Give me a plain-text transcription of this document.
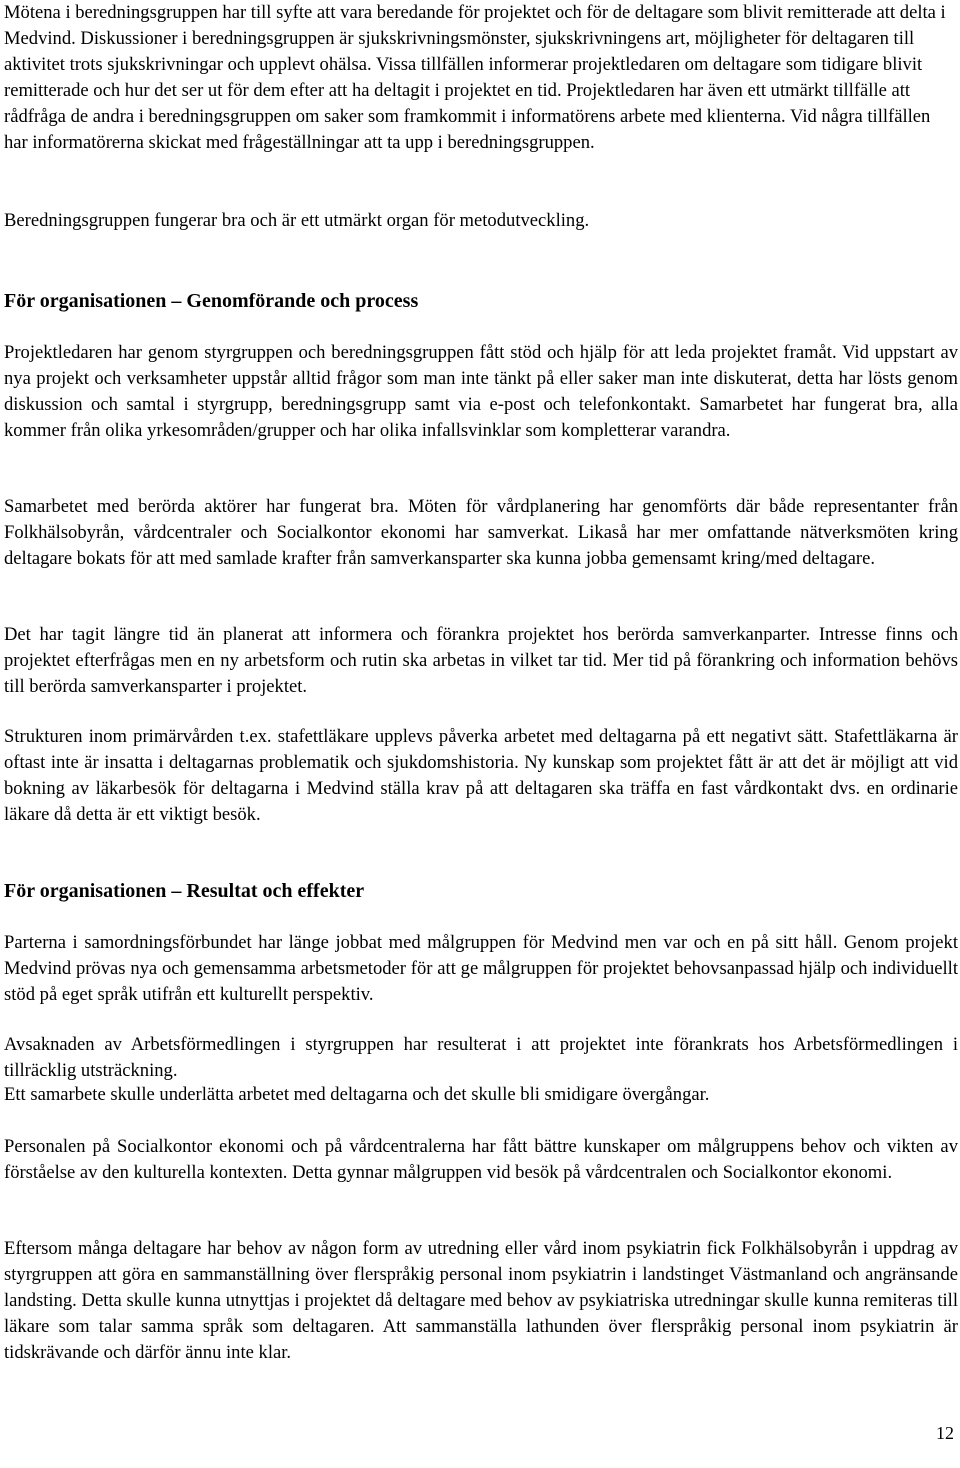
Mötena i beredningsgruppen har till syfte att vara beredande för projektet och för de deltagare som blivit remitterade att delta i Medvind. Diskussioner i beredningsgruppen är sjukskrivningsmönster, sjukskrivningens art, möjligheter för deltagaren till aktivitet trots sjukskrivningar och upplevt ohälsa. Vissa tillfällen informerar projektledaren om deltagare som tidigare blivit remitterade och hur det ser ut för dem efter att ha deltagit i projektet en tid. Projektledaren har även ett utmärkt tillfälle att rådfråga de andra i beredningsgruppen om saker som framkommit i informatörens arbete med klienterna. Vid några tillfällen har informatörerna skickat med frågeställningar att ta upp i beredningsgruppen.

Beredningsgruppen fungerar bra och är ett utmärkt organ för metodutveckling.

För organisationen – Genomförande och process

Projektledaren har genom styrgruppen och beredningsgruppen fått stöd och hjälp för att leda projektet framåt. Vid uppstart av nya projekt och verksamheter uppstår alltid frågor som man inte tänkt på eller saker man inte diskuterat, detta har lösts genom diskussion och samtal i styrgrupp, beredningsgrupp samt via e-post och telefonkontakt. Samarbetet har fungerat bra, alla kommer från olika yrkesområden/grupper och har olika infallsvinklar som kompletterar varandra.

Samarbetet med berörda aktörer har fungerat bra. Möten för vårdplanering har genomförts där både representanter från Folkhälsobyrån, vårdcentraler och Socialkontor ekonomi har samverkat. Likaså har mer omfattande nätverksmöten kring deltagare bokats för att med samlade krafter från samverkansparter ska kunna jobba gemensamt kring/med deltagare.

Det har tagit längre tid än planerat att informera och förankra projektet hos berörda samverkanparter. Intresse finns och projektet efterfrågas men en ny arbetsform och rutin ska arbetas in vilket tar tid. Mer tid på förankring och information behövs till berörda samverkansparter i projektet.

Strukturen inom primärvården t.ex. stafettläkare upplevs påverka arbetet med deltagarna på ett negativt sätt. Stafettläkarna är oftast inte är insatta i deltagarnas problematik och sjukdomshistoria. Ny kunskap som projektet fått är att det är möjligt att vid bokning av läkarbesök för deltagarna i Medvind ställa krav på att deltagaren ska träffa en fast vårdkontakt dvs. en ordinarie läkare då detta är ett viktigt besök.

För organisationen – Resultat och effekter

Parterna i samordningsförbundet har länge jobbat med målgruppen för Medvind men var och en på sitt håll. Genom projekt Medvind prövas nya och gemensamma arbetsmetoder för att ge målgruppen för projektet behovsanpassad hjälp och individuellt stöd på eget språk utifrån ett kulturellt perspektiv.

Avsaknaden av Arbetsförmedlingen i styrgruppen har resulterat i att projektet inte förankrats hos Arbetsförmedlingen i tillräcklig utsträckning.

Ett samarbete skulle underlätta arbetet med deltagarna och det skulle bli smidigare övergångar.

Personalen på Socialkontor ekonomi och på vårdcentralerna har fått bättre kunskaper om målgruppens behov och vikten av förståelse av den kulturella kontexten. Detta gynnar målgruppen vid besök på vårdcentralen och Socialkontor ekonomi.

Eftersom många deltagare har behov av någon form av utredning eller vård inom psykiatrin fick Folkhälsobyrån i uppdrag av styrgruppen att göra en sammanställning över flerspråkig personal inom psykiatrin i landstinget Västmanland och angränsande landsting. Detta skulle kunna utnyttjas i projektet då deltagare med behov av psykiatriska utredningar skulle kunna remiteras till läkare som talar samma språk som deltagaren. Att sammanställa lathunden över flerspråkig personal inom psykiatrin är tidskrävande och därför ännu inte klar.

12
